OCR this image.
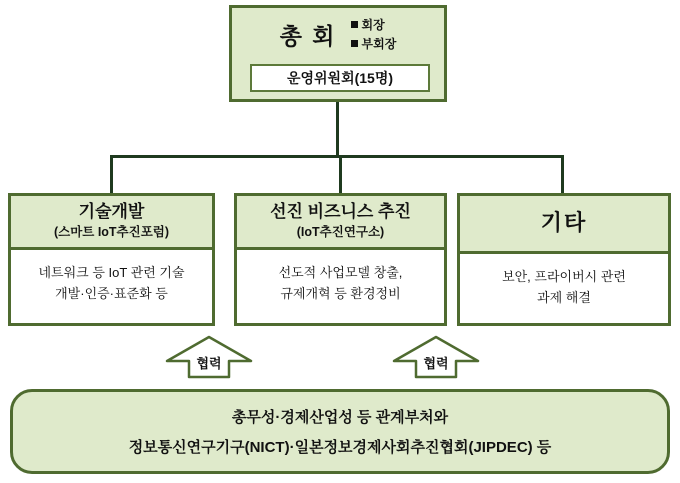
총 회 회장
부회장
운영위원회(15명)
기술개발
(스마트 IoT추진포럼)
네트워크 등 IoT 관련 기술
개발·인증·표준화 등
선진 비즈니스 추진
(IoT추진연구소)
선도적 사업모델 창출,
규제개혁 등 환경정비
기타
보안, 프라이버시 관련
과제 해결
협력	협력
총무성·경제산업성 등 관계부처와
정보통신연구기구(NICT)·일본정보경제사회추진협회(JIPDEC) 등
